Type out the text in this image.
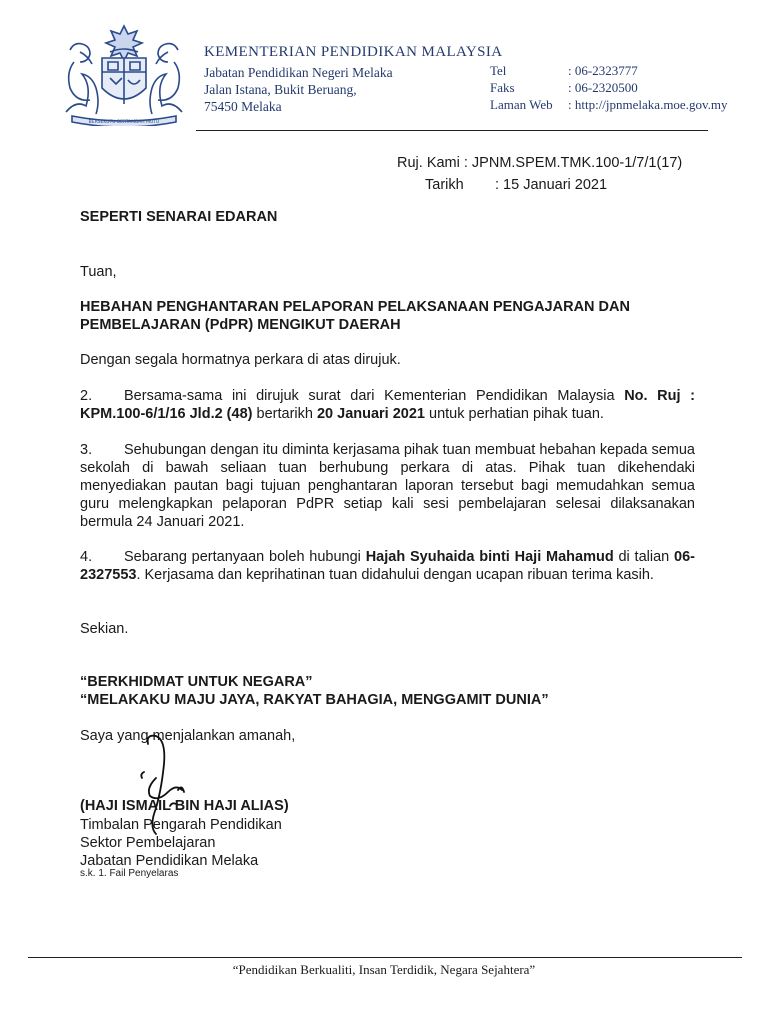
BERSEKUTU BERTAMBAH MUTU
KEMENTERIAN PENDIDIKAN MALAYSIA
Jabatan Pendidikan Negeri Melaka
Jalan Istana, Bukit Beruang,
75450 Melaka
Tel	: 06-2323777
Faks	: 06-2320500
Laman Web	: http://jpnmelaka.moe.gov.my
Ruj. Kami : JPNM.SPEM.TMK.100-1/7/1(17)
Tarikh : 15 Januari 2021
SEPERTI SENARAI EDARAN
Tuan,
HEBAHAN PENGHANTARAN PELAPORAN PELAKSANAAN PENGAJARAN DAN PEMBELAJARAN (PdPR) MENGIKUT DAERAH
Dengan segala hormatnya perkara di atas dirujuk.
2. Bersama-sama ini dirujuk surat dari Kementerian Pendidikan Malaysia No. Ruj : KPM.100-6/1/16 Jld.2 (48) bertarikh 20 Januari 2021 untuk perhatian pihak tuan.
3. Sehubungan dengan itu diminta kerjasama pihak tuan membuat hebahan kepada semua sekolah di bawah seliaan tuan berhubung perkara di atas. Pihak tuan dikehendaki menyediakan pautan bagi tujuan penghantaran laporan tersebut bagi memudahkan semua guru melengkapkan pelaporan PdPR setiap kali sesi pembelajaran selesai dilaksanakan bermula 24 Januari 2021.
4. Sebarang pertanyaan boleh hubungi Hajah Syuhaida binti Haji Mahamud di talian 06-2327553. Kerjasama dan keprihatinan tuan didahului dengan ucapan ribuan terima kasih.
Sekian.
“BERKHIDMAT UNTUK NEGARA”
“MELAKAKU MAJU JAYA, RAKYAT BAHAGIA, MENGGAMIT DUNIA”
Saya yang menjalankan amanah,
(HAJI ISMAIL BIN HAJI ALIAS)
Timbalan Pengarah Pendidikan
Sektor Pembelajaran
Jabatan Pendidikan Melaka
s.k. 1. Fail Penyelaras
“Pendidikan Berkualiti, Insan Terdidik, Negara Sejahtera”
